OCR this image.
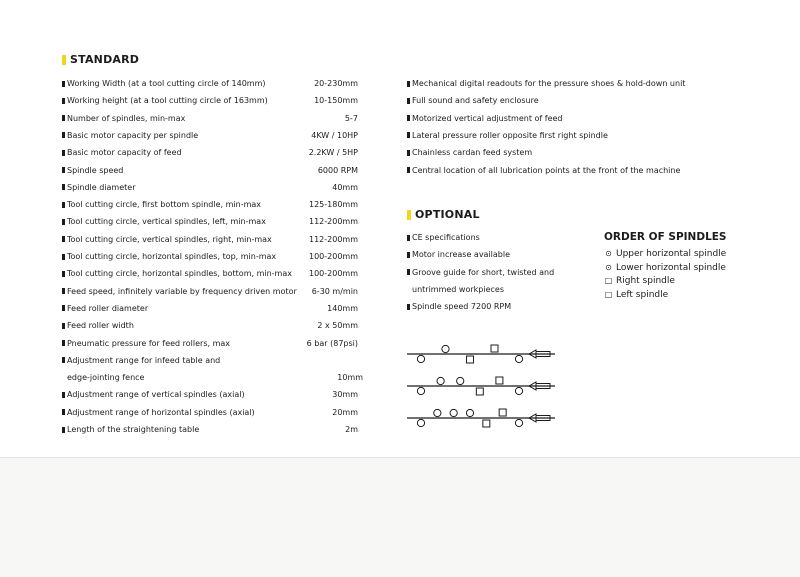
STANDARD
Working Width (at a tool cutting circle of 140mm)	20-230mm
Working height (at a tool cutting circle of 163mm)	10-150mm
Number of spindles, min-max	5-7
Basic motor capacity per spindle	4KW / 10HP
Basic motor capacity of feed	2.2KW / 5HP
Spindle speed	6000 RPM
Spindle diameter	40mm
Tool cutting circle, first bottom spindle, min-max	125-180mm
Tool cutting circle, vertical spindles, left, min-max	112-200mm
Tool cutting circle, vertical spindles, right, min-max	112-200mm
Tool cutting circle, horizontal spindles, top, min-max	100-200mm
Tool cutting circle, horizontal spindles, bottom, min-max 100-200mm
Feed speed, infinitely variable by frequency driven motor 6-30 m/min
Feed roller diameter	140mm
Feed roller width	2 x 50mm
Pneumatic pressure for feed rollers, max	6 bar (87psi)
Adjustment range for infeed table and
edge-jointing fence	10mm
Adjustment range of vertical spindles (axial)	30mm
Adjustment range of horizontal spindles (axial)	20mm
Length of the straightening table	2m
Mechanical digital readouts for the pressure shoes & hold-down unit
Full sound and safety enclosure
Motorized vertical adjustment of feed
Lateral pressure roller opposite first right spindle
Chainless cardan feed system
Central location of all lubrication points at the front of the machine
OPTIONAL
CE specifications
Motor increase available
Groove guide for short, twisted and
untrimmed workpieces
Spindle speed 7200 RPM
ORDER OF SPINDLES
⊙ Upper horizontal spindle
⊙ Lower horizontal spindle
□ Right spindle
□ Left spindle
